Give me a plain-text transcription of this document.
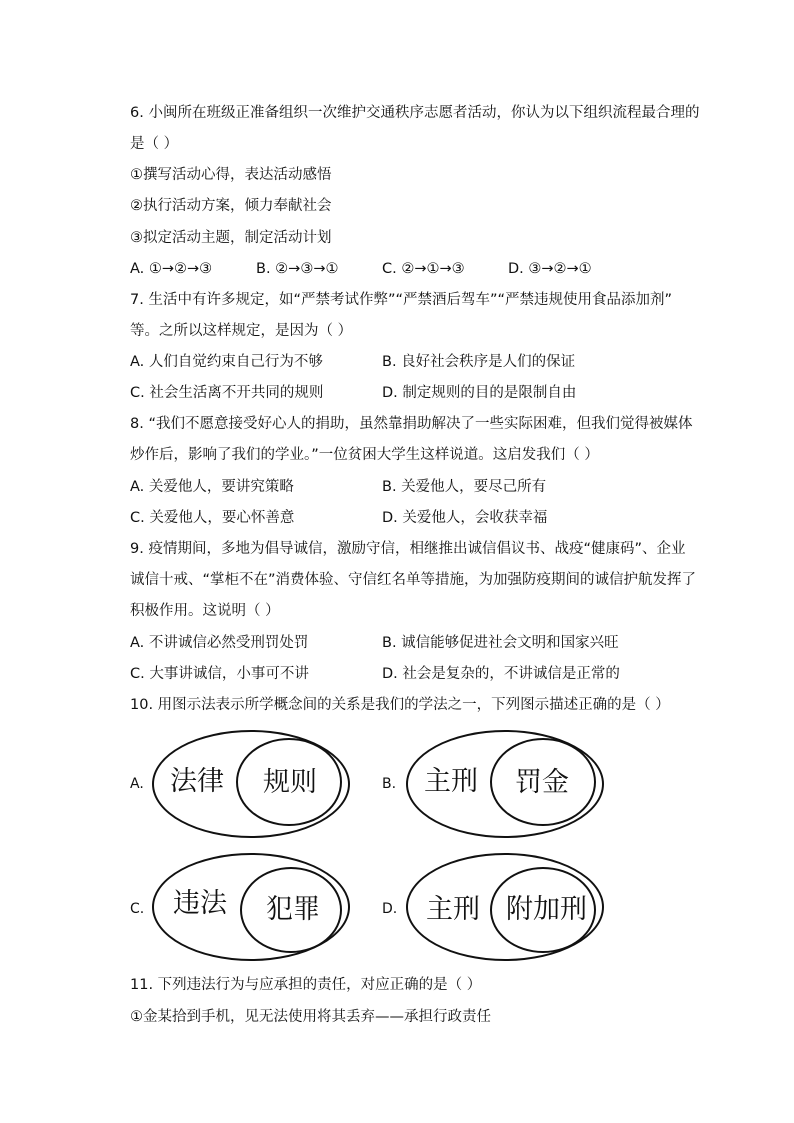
6. 小闽所在班级正准备组织一次维护交通秩序志愿者活动，你认为以下组织流程最合理的
是（ ）
①撰写活动心得，表达活动感悟
②执行活动方案，倾力奉献社会
③拟定活动主题，制定活动计划
A. ①→②→③	B. ②→③→①	C. ②→①→③	D. ③→②→①
7. 生活中有许多规定，如“严禁考试作弊”“严禁酒后驾车”“严禁违规使用食品添加剂”
等。之所以这样规定，是因为（ ）
A. 人们自觉约束自己行为不够	B. 良好社会秩序是人们的保证
C. 社会生活离不开共同的规则	D. 制定规则的目的是限制自由
8. “我们不愿意接受好心人的捐助，虽然靠捐助解决了一些实际困难，但我们觉得被媒体
炒作后，影响了我们的学业。”一位贫困大学生这样说道。这启发我们（ ）
A. 关爱他人，要讲究策略	B. 关爱他人，要尽己所有
C. 关爱他人，要心怀善意	D. 关爱他人，会收获幸福
9. 疫情期间，多地为倡导诚信，激励守信，相继推出诚信倡议书、战疫“健康码”、企业
诚信十戒、“掌柜不在”消费体验、守信红名单等措施，为加强防疫期间的诚信护航发挥了
积极作用。这说明（ ）
A. 不讲诚信必然受刑罚处罚	B. 诚信能够促进社会文明和国家兴旺
C. 大事讲诚信，小事可不讲	D. 社会是复杂的，不讲诚信是正常的
10. 用图示法表示所学概念间的关系是我们的学法之一，下列图示描述正确的是（ ）
A. 法律 规则	B. 主刑 罚金
C. 违法 犯罪	D. 主刑 附加刑
11. 下列违法行为与应承担的责任，对应正确的是（ ）
①金某拾到手机，见无法使用将其丢弃——承担行政责任
